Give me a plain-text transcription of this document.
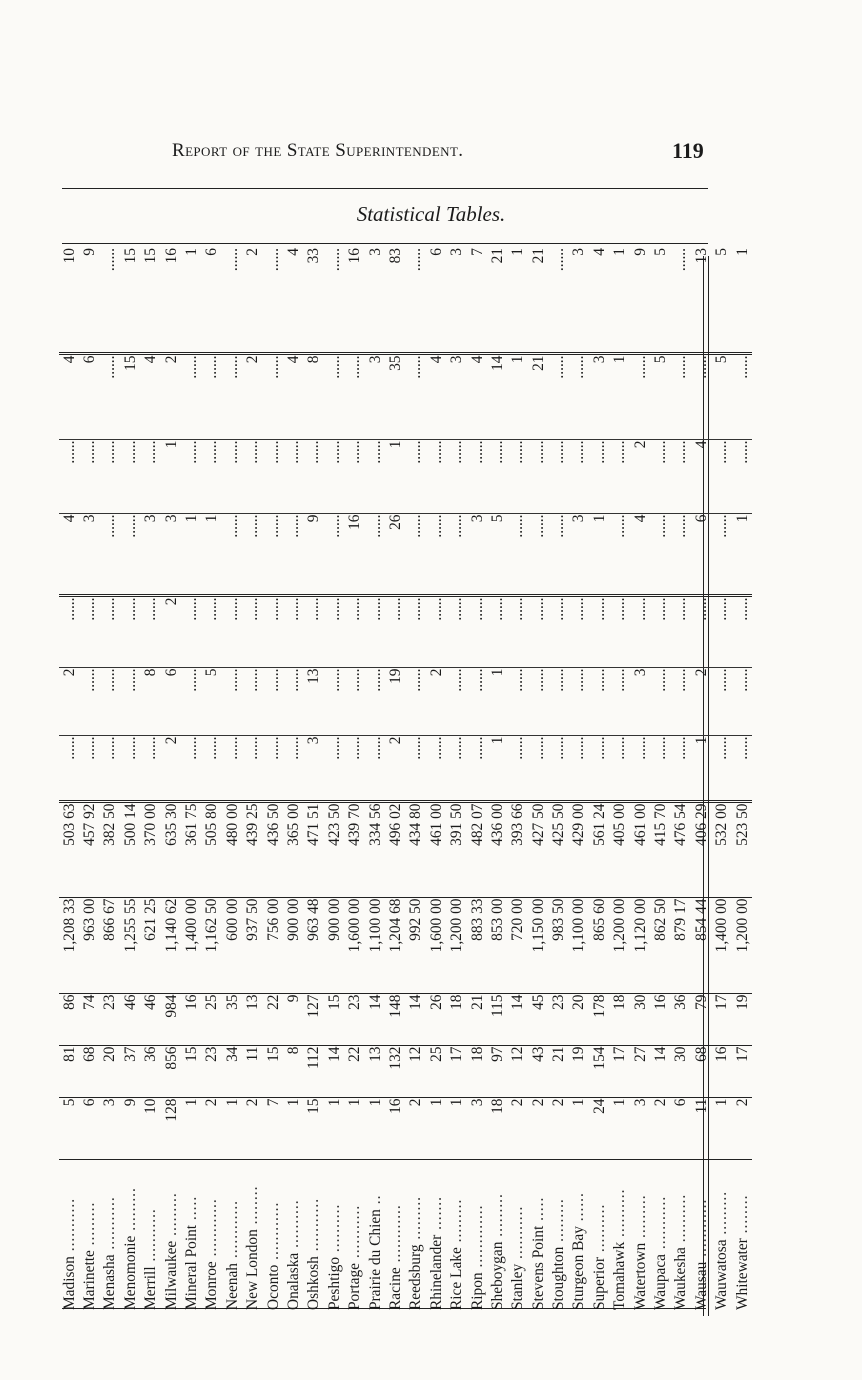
Report of the State Superintendent.	119
Statistical Tables.
Madison ...........	5	81	86	1,208 33	503 63	......	2	......	4	......	4	10
Marinette .........	6	68	74	963 00	457 92	......	......	......	3	......	6	9
Menasha ...........	3	20	23	866 67	382 50	......	......	......	......	......	......	......
Menomonie .........	9	37	46	1,255 55	500 14	......	......	......	......	......	15	15
Merrill ...........	10	36	46	621 25	370 00	......	8	......	3	......	4	15
Milwaukee .........	128	856	984	1,140 62	635 30	2	6	2	3	1	2	16
Mineral Point .....	1	15	16	1,400 00	361 75	......	......	......	1	......	......	1
Monroe ............	2	23	25	1,162 50	505 80	......	5	......	1	......	......	6
Neenah ............	1	34	35	600 00	480 00	......	......	......	......	......	......	......
New London ........	2	11	13	937 50	439 25	......	......	......	......	......	2	2
Oconto ............	7	15	22	756 00	436 50	......	......	......	......	......	......	......
Onalaska ..........	1	8	9	900 00	365 00	......	......	......	......	......	4	4
Oshkosh ...........	15	112	127	963 48	471 51	3	13	......	9	......	8	33
Peshtigo ..........	1	14	15	900 00	423 50	......	......	......	......	......	......	......
Portage ...........	1	22	23	1,600 00	439 70	......	......	......	16	......	......	16
Prairie du Chien ..	1	13	14	1,100 00	334 56	......	......	......	......	......	3	3
Racine ............	16	132	148	1,204 68	496 02	2	19	......	26	1	35	83
Reedsburg .........	2	12	14	992 50	434 80	......	......	......	......	......	......	......
Rhinelander .......	1	25	26	1,600 00	461 00	......	2	......	......	......	4	6
Rice Lake .........	1	17	18	1,200 00	391 50	......	......	......	......	......	3	3
Ripon .............	3	18	21	883 33	482 07	......	......	......	3	......	4	7
Sheboygan .........	18	97	115	853 00	436 00	1	1	......	5	......	14	21
Stanley ...........	2	12	14	720 00	393 66	......	......	......	......	......	1	1
Stevens Point .....	2	43	45	1,150 00	427 50	......	......	......	......	......	21	21
Stoughton .........	2	21	23	983 50	425 50	......	......	......	......	......	......	......
Sturgeon Bay ......	1	19	20	1,100 00	429 00	......	......	......	3	......	......	3
Superior ..........	24	154	178	865 60	561 24	......	......	......	1	......	3	4
Tomahawk ..........	1	17	18	1,200 00	405 00	......	......	......	......	......	1	1
Watertown .........	3	27	30	1,120 00	461 00	......	3	......	4	2	......	9
Waupaca ...........	2	14	16	862 50	415 70	......	......	......	......	......	5	5
Waukesha ..........	6	30	36	879 17	476 54	......	......	......	......	......	......	......
Wausau ............	11	68	79	854 44	406 29	1	2	......	6	4	......	13
Wauwatosa .........	1	16	17	1,400 00	532 00	......	......	......	......	......	5	5
Whitewater ........	2	17	19	1,200 00	523 50	......	......	......	1	......	......	1
